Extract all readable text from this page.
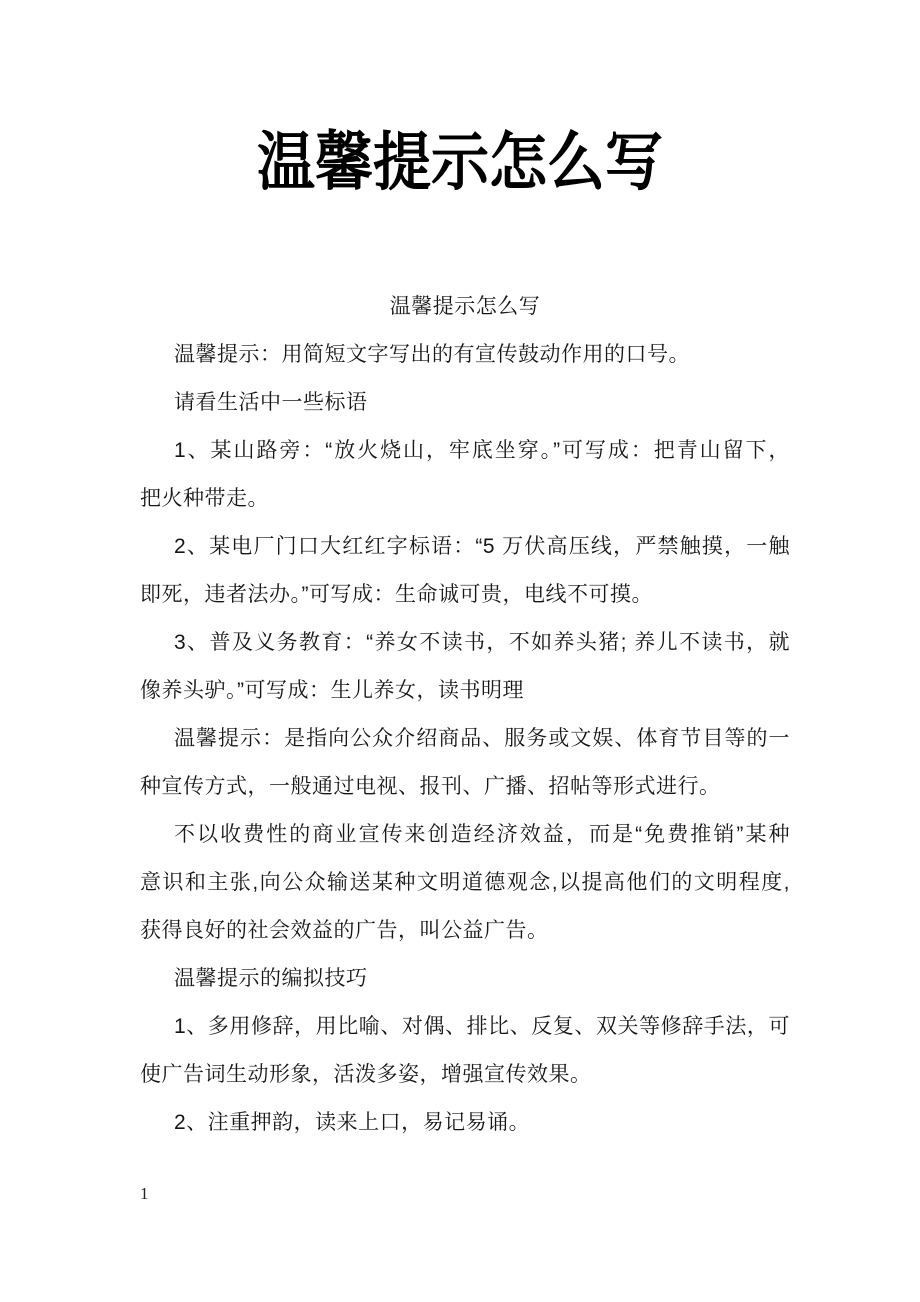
温馨提示怎么写
温馨提示怎么写
温馨提示：用简短文字写出的有宣传鼓动作用的口号。
请看生活中一些标语
1、某山路旁：“放火烧山，牢底坐穿。”可写成：把青山留下，
把火种带走。
2、某电厂门口大红红字标语：“5 万伏高压线，严禁触摸，一触
即死，违者法办。”可写成：生命诚可贵，电线不可摸。
3、普及义务教育：“养女不读书，不如养头猪; 养儿不读书，就
像养头驴。”可写成：生儿养女，读书明理
温馨提示：是指向公众介绍商品、服务或文娱、体育节目等的一
种宣传方式，一般通过电视、报刊、广播、招帖等形式进行。
不以收费性的商业宣传来创造经济效益，而是“免费推销”某种
意识和主张,向公众输送某种文明道德观念,以提高他们的文明程度,
获得良好的社会效益的广告，叫公益广告。
温馨提示的编拟技巧
1、多用修辞，用比喻、对偶、排比、反复、双关等修辞手法，可
使广告词生动形象，活泼多姿，增强宣传效果。
2、注重押韵，读来上口，易记易诵。
1
